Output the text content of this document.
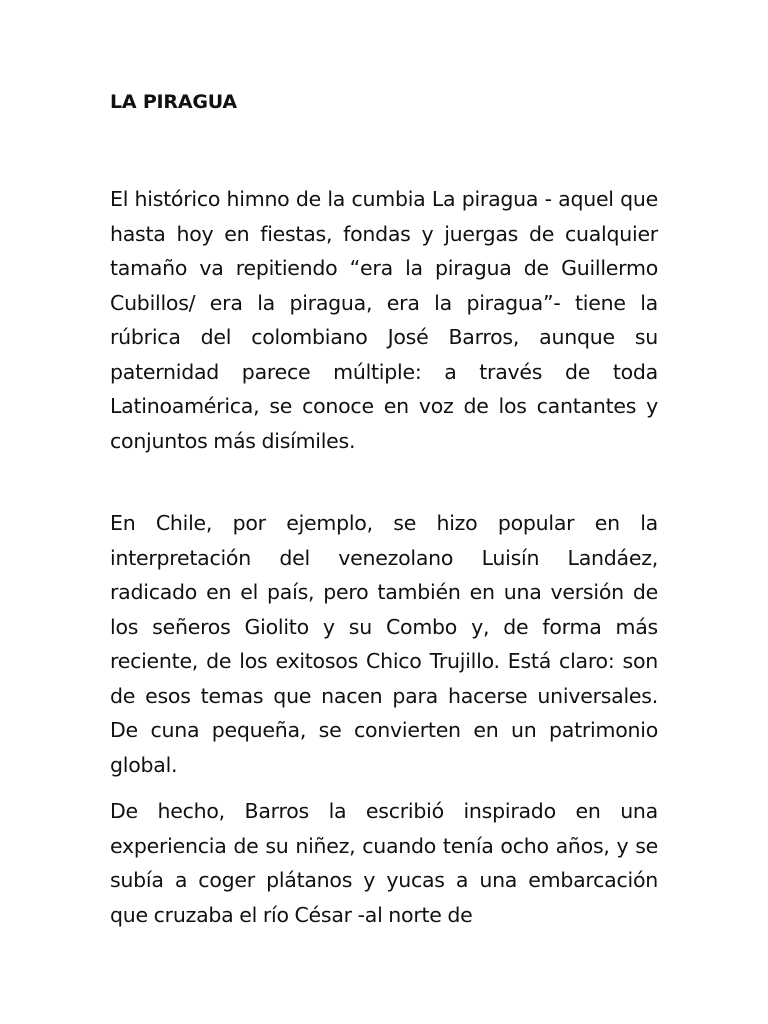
LA PIRAGUA

El histórico himno de la cumbia La piragua - aquel que hasta hoy en fiestas, fondas y juergas de cualquier tamaño va repitiendo “era la piragua de Guillermo Cubillos/ era la piragua, era la piragua”- tiene la rúbrica del colombiano José Barros, aunque su paternidad parece múltiple: a través de toda Latinoamérica, se conoce en voz de los cantantes y conjuntos más disímiles.

En Chile, por ejemplo, se hizo popular en la interpretación del venezolano Luisín Landáez, radicado en el país, pero también en una versión de los señeros Giolito y su Combo y, de forma más reciente, de los exitosos Chico Trujillo. Está claro: son de esos temas que nacen para hacerse universales. De cuna pequeña, se convierten en un patrimonio global.

De hecho, Barros la escribió inspirado en una experiencia de su niñez, cuando tenía ocho años, y se subía a coger plátanos y yucas a una embarcación que cruzaba el río César -al norte de
